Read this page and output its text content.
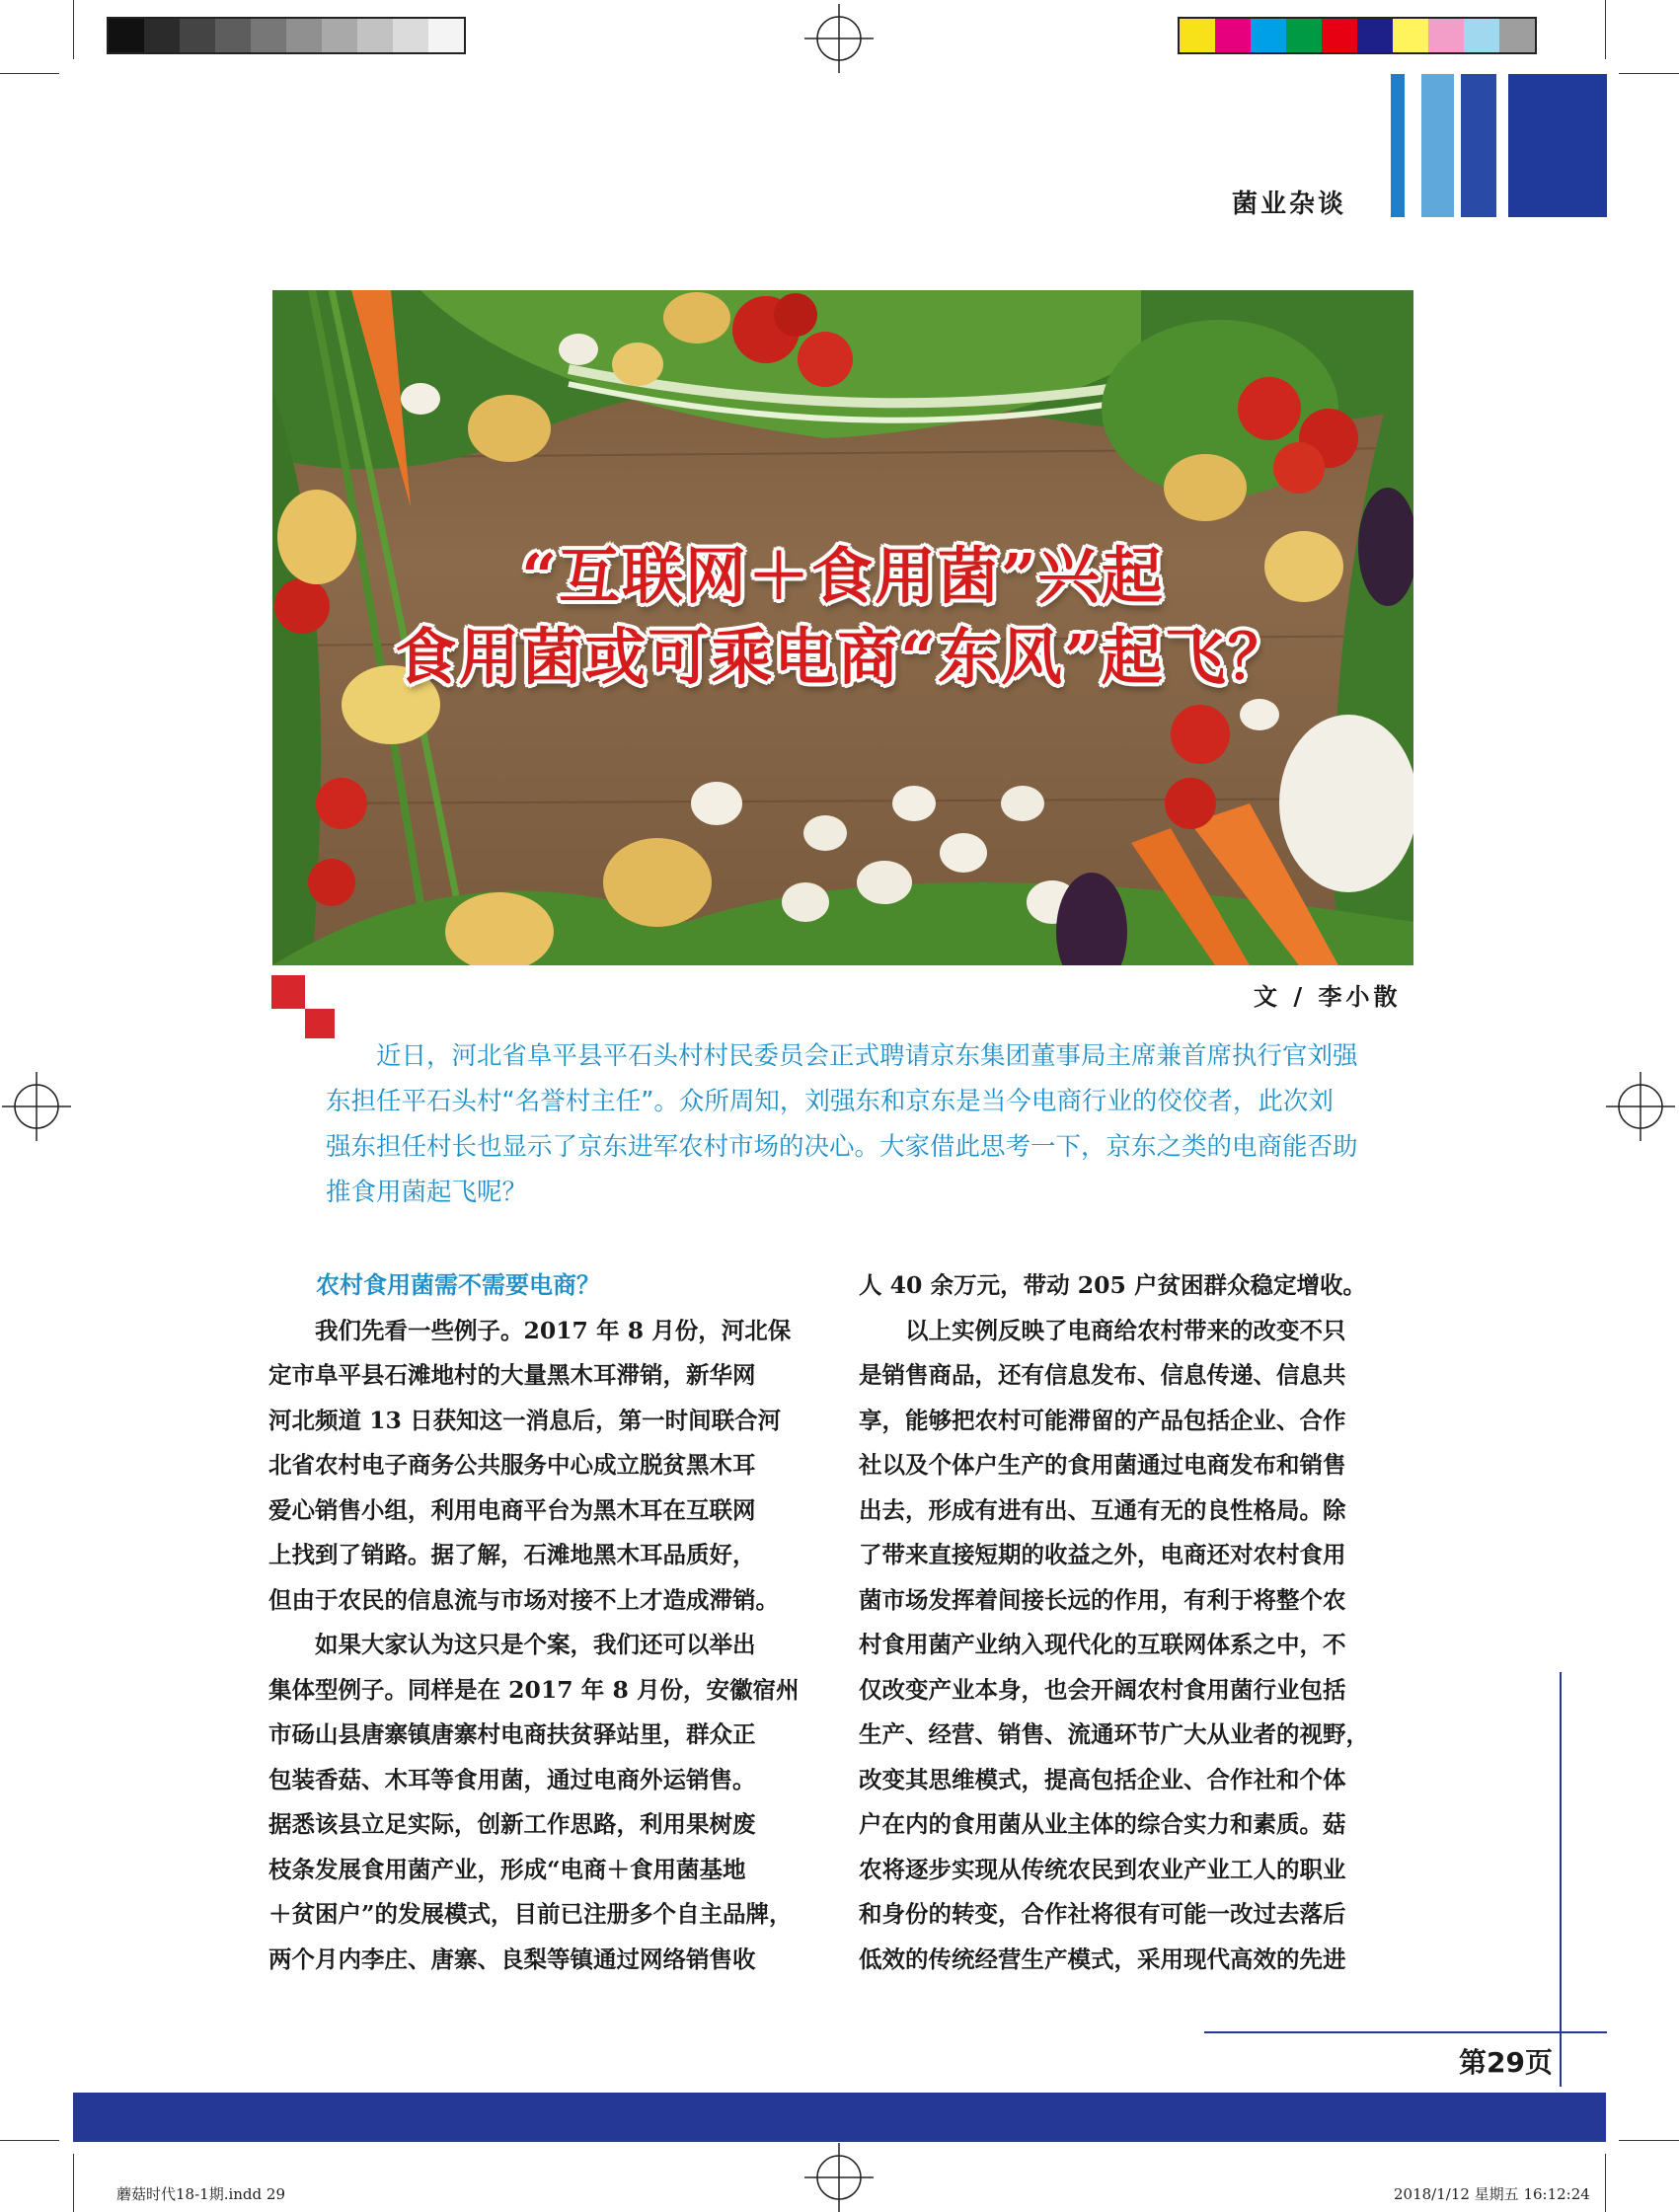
菌业杂谈
“互联网＋食用菌”兴起
食用菌或可乘电商“东风”起飞？
文 / 李小散
　　近日，河北省阜平县平石头村村民委员会正式聘请京东集团董事局主席兼首席执行官刘强
东担任平石头村“名誉村主任”。众所周知，刘强东和京东是当今电商行业的佼佼者，此次刘
强东担任村长也显示了京东进军农村市场的决心。大家借此思考一下，京东之类的电商能否助
推食用菌起飞呢？
　　农村食用菌需不需要电商？
　　我们先看一些例子。2017 年 8 月份，河北保
定市阜平县石滩地村的大量黑木耳滞销，新华网
河北频道 13 日获知这一消息后，第一时间联合河
北省农村电子商务公共服务中心成立脱贫黑木耳
爱心销售小组，利用电商平台为黑木耳在互联网
上找到了销路。据了解，石滩地黑木耳品质好，
但由于农民的信息流与市场对接不上才造成滞销。
　　如果大家认为这只是个案，我们还可以举出
集体型例子。同样是在 2017 年 8 月份，安徽宿州
市砀山县唐寨镇唐寨村电商扶贫驿站里，群众正
包装香菇、木耳等食用菌，通过电商外运销售。
据悉该县立足实际，创新工作思路，利用果树废
枝条发展食用菌产业，形成“电商＋食用菌基地
＋贫困户”的发展模式，目前已注册多个自主品牌，
两个月内李庄、唐寨、良梨等镇通过网络销售收
人 40 余万元，带动 205 户贫困群众稳定增收。
　　以上实例反映了电商给农村带来的改变不只
是销售商品，还有信息发布、信息传递、信息共
享，能够把农村可能滞留的产品包括企业、合作
社以及个体户生产的食用菌通过电商发布和销售
出去，形成有进有出、互通有无的良性格局。除
了带来直接短期的收益之外，电商还对农村食用
菌市场发挥着间接长远的作用，有利于将整个农
村食用菌产业纳入现代化的互联网体系之中，不
仅改变产业本身，也会开阔农村食用菌行业包括
生产、经营、销售、流通环节广大从业者的视野，
改变其思维模式，提高包括企业、合作社和个体
户在内的食用菌从业主体的综合实力和素质。菇
农将逐步实现从传统农民到农业产业工人的职业
和身份的转变，合作社将很有可能一改过去落后
低效的传统经营生产模式，采用现代高效的先进
第29页
蘑菇时代18-1期.indd 29	2018/1/12 星期五 16:12:24
